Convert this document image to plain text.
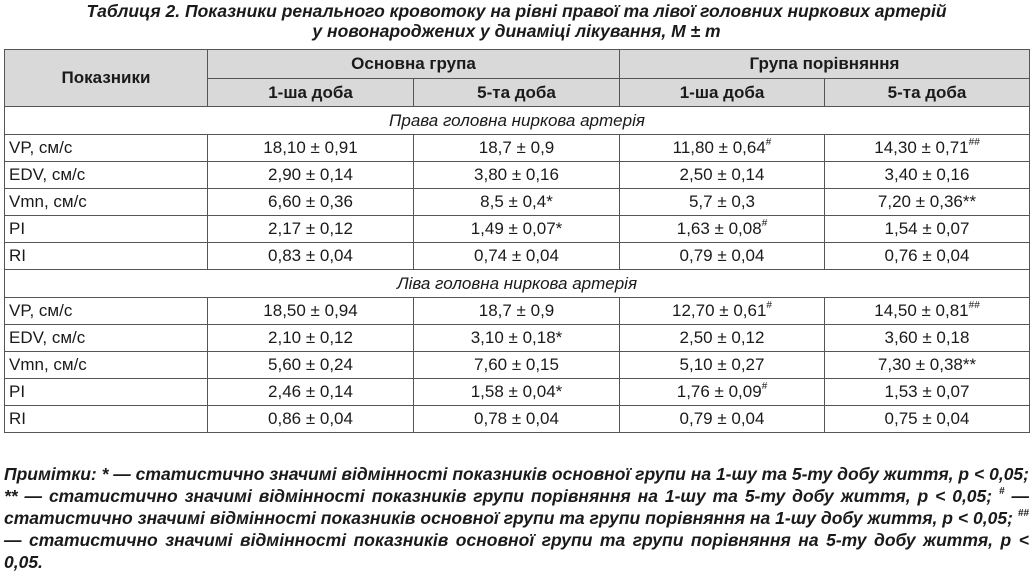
Таблиця 2. Показники ренального кровотоку на рівні правої та лівої головних ниркових артерій
у новонароджених у динаміці лікування, М ± m
Показники	Основна група		Група порівняння	
	1-ша доба	5-та доба	1-ша доба	5-та доба
Права головна ниркова артерія				
VP, см/с	18,10 ± 0,91	18,7 ± 0,9	11,80 ± 0,64#	14,30 ± 0,71##
EDV, см/с	2,90 ± 0,14	3,80 ± 0,16	2,50 ± 0,14	3,40 ± 0,16
Vmn, см/с	6,60 ± 0,36	8,5 ± 0,4*	5,7 ± 0,3	7,20 ± 0,36**
PI	2,17 ± 0,12	1,49 ± 0,07*	1,63 ± 0,08#	1,54 ± 0,07
RI	0,83 ± 0,04	0,74 ± 0,04	0,79 ± 0,04	0,76 ± 0,04
Ліва головна ниркова артерія				
VP, см/с	18,50 ± 0,94	18,7 ± 0,9	12,70 ± 0,61#	14,50 ± 0,81##
EDV, см/с	2,10 ± 0,12	3,10 ± 0,18*	2,50 ± 0,12	3,60 ± 0,18
Vmn, см/с	5,60 ± 0,24	7,60 ± 0,15	5,10 ± 0,27	7,30 ± 0,38**
PI	2,46 ± 0,14	1,58 ± 0,04*	1,76 ± 0,09#	1,53 ± 0,07
RI	0,86 ± 0,04	0,78 ± 0,04	0,79 ± 0,04	0,75 ± 0,04
Примітки: * — статистично значимі відмінності показників основної групи на 1-шу та 5-ту добу життя, р < 0,05; ** — статистично значимі відмінності показників групи порівняння на 1-шу та 5-ту добу життя, р < 0,05; # — статистично значимі відмінності показників основної групи та групи порівняння на 1-шу добу життя, р < 0,05; ## — статистично значимі відмінності показників основної групи та групи порівняння на 5-ту добу життя, р < 0,05.
